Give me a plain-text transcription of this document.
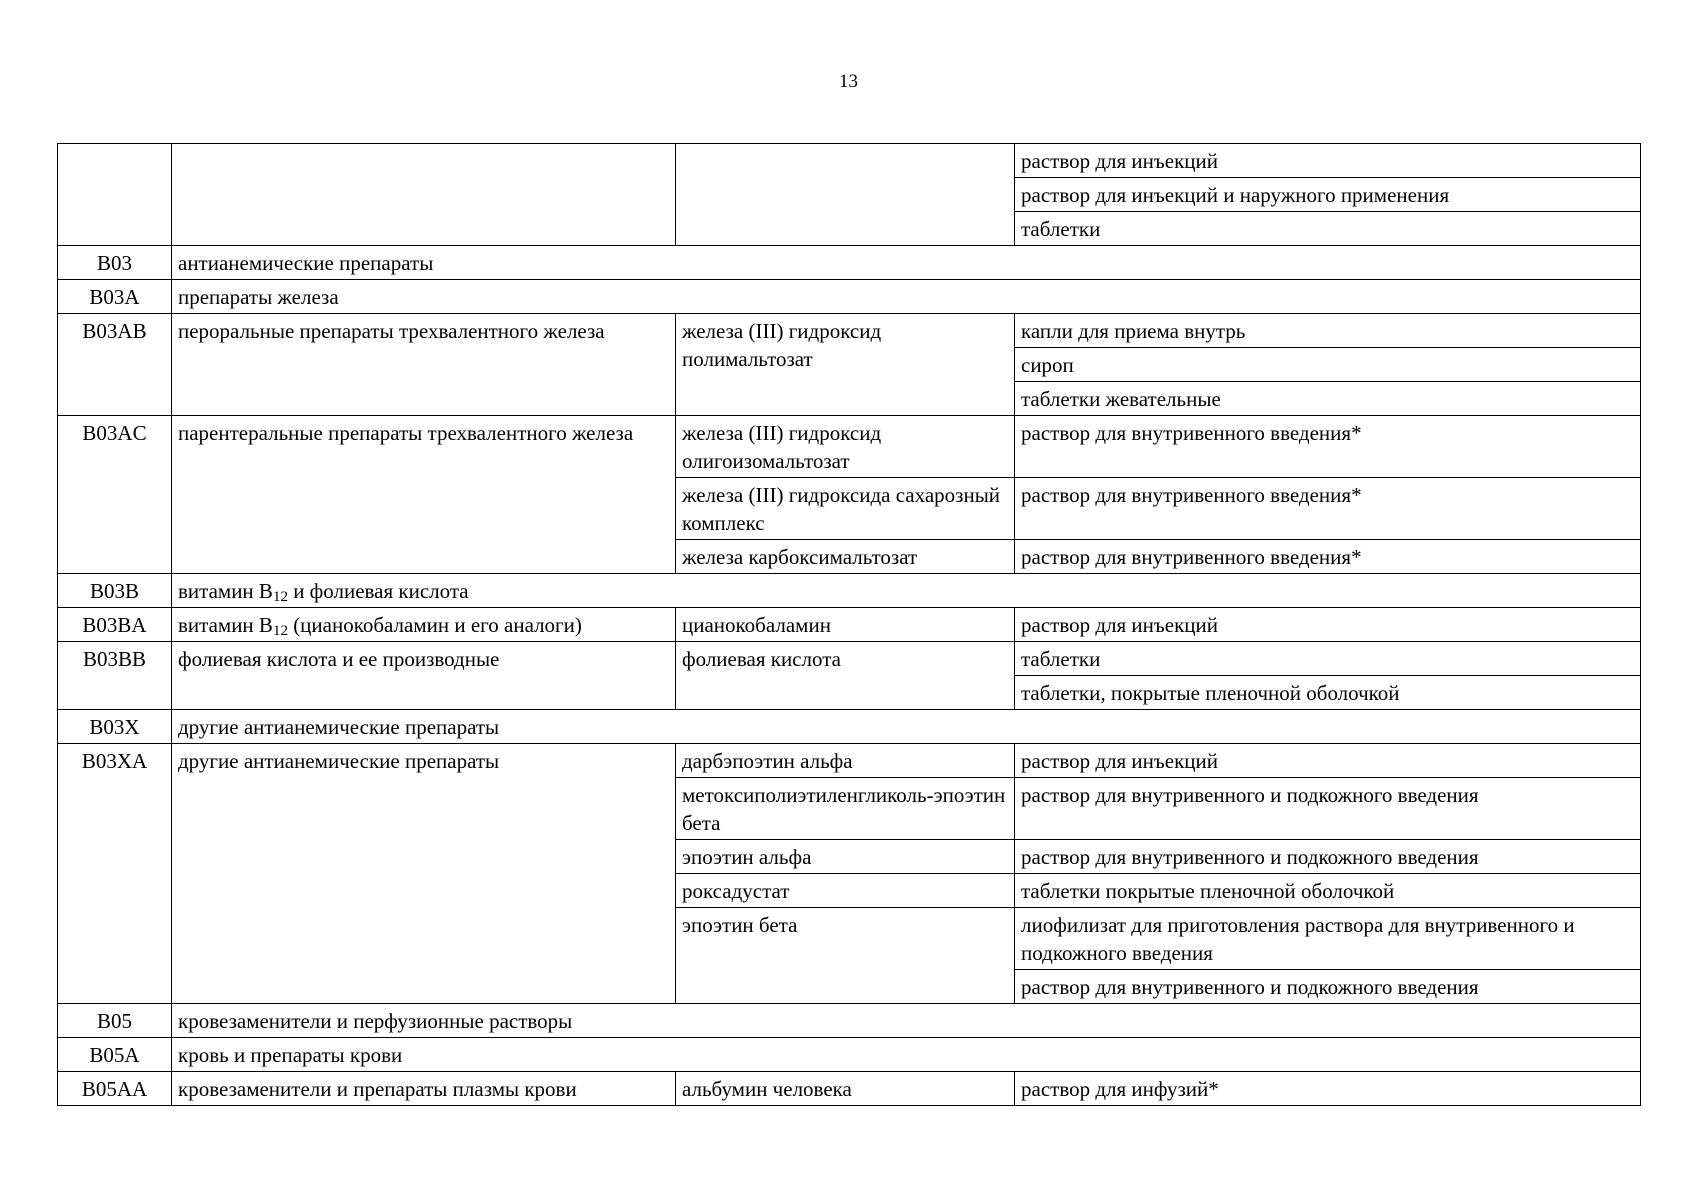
13
			раствор для инъекций
			раствор для инъекций и наружного применения
			таблетки
B03	антианемические препараты		
B03A	препараты железа		
B03AB	пероральные препараты трехвалентного железа	железа (III) гидроксид полимальтозат	капли для приема внутрь
			сироп
			таблетки жевательные
B03AC	парентеральные препараты трехвалентного железа	железа (III) гидроксид олигоизомальтозат	раствор для внутривенного введения*
		железа (III) гидроксида сахарозный комплекс	раствор для внутривенного введения*
		железа карбоксимальтозат	раствор для внутривенного введения*
B03B	витамин $B_{12}$ и фолиевая кислота		
B03BA	витамин $B_{12}$ (цианокобаламин и его аналоги)	цианокобаламин	раствор для инъекций
B03BB	фолиевая кислота и ее производные	фолиевая кислота	таблетки
			таблетки, покрытые пленочной оболочкой
B03X	другие антианемические препараты		
B03XA	другие антианемические препараты	дарбэпоэтин альфа	раствор для инъекций
		метоксиполиэтиленгликоль-эпоэтин бета	раствор для внутривенного и подкожного введения
		эпоэтин альфа	раствор для внутривенного и подкожного введения
		роксадустат	таблетки покрытые пленочной оболочкой
		эпоэтин бета	лиофилизат для приготовления раствора для внутривенного и подкожного введения
			раствор для внутривенного и подкожного введения
B05	кровезаменители и перфузионные растворы		
B05A	кровь и препараты крови		
B05AA	кровезаменители и препараты плазмы крови	альбумин человека	раствор для инфузий*
